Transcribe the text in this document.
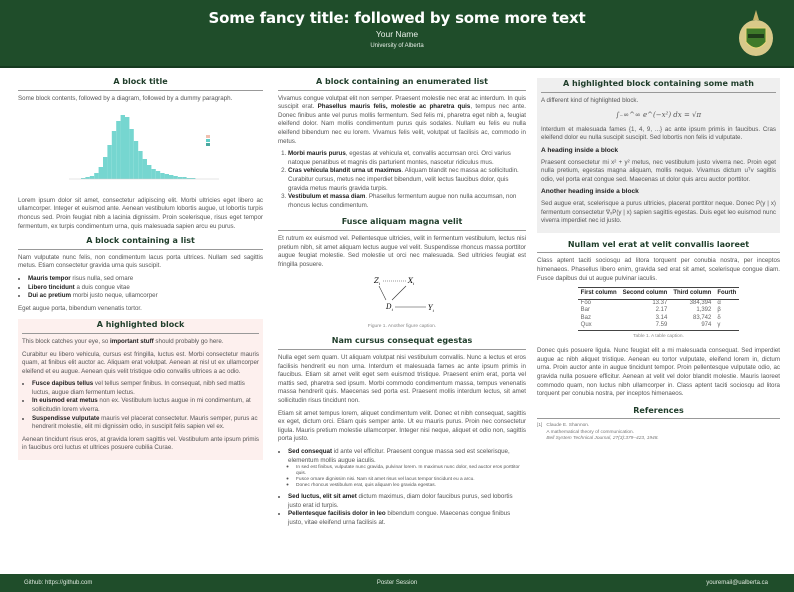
Some fancy title: followed by some more text
Your Name
University of Alberta
A block title

Some block contents, followed by a diagram, followed by a dummy paragraph.

Lorem ipsum dolor sit amet, consectetur adipiscing elit. Morbi ultricies eget libero ac ullamcorper. Integer et euismod ante. Aenean vestibulum lobortis augue, ut lobortis turpis rhoncus sed. Proin feugiat nibh a lacinia dignissim. Proin scelerisque, risus eget tempor fermentum, ex turpis condimentum urna, quis malesuada sapien arcu eu purus.

A block containing a list

Nam vulputate nunc felis, non condimentum lacus porta ultrices. Nullam sed sagittis metus. Etiam consectetur gravida urna quis suscipit.

• Mauris tempor risus nulla, sed ornare
• Libero tincidunt a duis congue vitae
• Dui ac pretium morbi justo neque, ullamcorper

Eget augue porta, bibendum venenatis tortor.

A highlighted block

This block catches your eye, so important stuff should probably go here.

Curabitur eu libero vehicula, cursus est fringilla, luctus est. Morbi consectetur mauris quam, at finibus elit auctor ac. Aliquam erat volutpat. Aenean at nisl ut ex ullamcorper eleifend et eu augue. Aenean quis velit tristique odio convallis ultrices a ac odio.

• Fusce dapibus tellus vel tellus semper finibus. In consequat, nibh sed mattis luctus, augue diam fermentum lectus.
• In euismod erat metus non ex. Vestibulum luctus augue in mi condimentum, at sollicitudin lorem viverra.
• Suspendisse vulputate mauris vel placerat consectetur. Mauris semper, purus ac hendrerit molestie, elit mi dignissim odio, in suscipit felis sapien vel ex.

Aenean tincidunt risus eros, at gravida lorem sagittis vel. Vestibulum ante ipsum primis in faucibus orci luctus et ultrices posuere cubilia Curae.

A block containing an enumerated list

Vivamus congue volutpat elit non semper. Praesent molestie nec erat ac interdum. In quis suscipit erat. Phasellus mauris felis, molestie ac pharetra quis, tempus nec ante. Donec finibus ante vel purus mollis fermentum. Sed felis mi, pharetra eget nibh a, feugiat eleifend dolor. Nam mollis condimentum purus quis sodales. Nullam eu felis eu nulla eleifend bibendum nec eu lorem. Vivamus felis velit, volutpat ut facilisis ac, commodo in metus.

1. Morbi mauris purus, egestas at vehicula et, convallis accumsan orci. Orci varius natoque penatibus et magnis dis parturient montes, nascetur ridiculus mus.
2. Cras vehicula blandit urna ut maximus. Aliquam blandit nec massa ac sollicitudin. Curabitur cursus, metus nec imperdiet bibendum, velit lectus faucibus dolor, quis gravida metus mauris gravida turpis.
3. Vestibulum et massa diam. Phasellus fermentum augue non nulla accumsan, non rhoncus lectus condimentum.
Fusce aliquam magna velit

Et rutrum ex euismod vel. Pellentesque ultricies, velit in fermentum vestibulum, lectus nisi pretium nibh, sit amet aliquam lectus augue vel velit. Suspendisse rhoncus massa porttitor augue feugiat molestie. Sed molestie ut orci nec malesuada. Sed ultricies feugiat est fringilla posuere.

$Z_i$	$X_i$
$D_i$	$Y_i$
Figure 1. Another figure caption.
Nam cursus consequat egestas

Nulla eget sem quam. Ut aliquam volutpat nisi vestibulum convallis. Nunc a lectus et eros facilisis hendrerit eu non urna. Interdum et malesuada fames ac ante ipsum primis in faucibus. Etiam sit amet velit eget sem euismod tristique. Praesent enim erat, porta vel mattis sed, pharetra sed ipsum. Morbi commodo condimentum massa, tempus venenatis massa hendrerit quis. Maecenas sed porta est. Praesent mollis interdum lectus, sit amet sollicitudin risus tincidunt non.

Etiam sit amet tempus lorem, aliquet condimentum velit. Donec et nibh consequat, sagittis ex eget, dictum orci. Etiam quis semper ante. Ut eu mauris purus. Proin nec consectetur ligula. Mauris pretium molestie ullamcorper. Integer nisi neque, aliquet et odio non, sagittis porta justo.

• Sed consequat id ante vel efficitur. Praesent congue massa sed est scelerisque, elementum mollis augue iaculis.
◦ In sed est finibus, vulputate nunc gravida, pulvinar lorem. In maximus nunc dolor, sed auctor eros porttitor quis.
◦ Fusce ornare dignissim nisi. Nam sit amet risus vel lacus tempor tincidunt eu a arcu.
◦ Donec rhoncus vestibulum erat, quis aliquam leo gravida egestas.
• Sed luctus, elit sit amet dictum maximus, diam dolor faucibus purus, sed lobortis justo erat id turpis.
• Pellentesque facilisis dolor in leo bibendum congue. Maecenas congue finibus justo, vitae eleifend urna facilisis at.
A highlighted block containing some math

A different kind of highlighted block.

∫₋∞^∞ e^(−x²) dx = √π

Interdum et malesuada fames {1, 4, 9, ...} ac ante ipsum primis in faucibus. Cras eleifend dolor eu nulla suscipit suscipit. Sed lobortis non felis id vulputate.

A heading inside a block

Praesent consectetur mi x² + y² metus, nec vestibulum justo viverra nec. Proin eget nulla pretium, egestas magna aliquam, mollis neque. Vivamus dictum uᵀv sagittis odio, vel porta erat congue sed. Maecenas ut dolor quis arcu auctor porttitor.

Another heading inside a block

Sed augue erat, scelerisque a purus ultricies, placerat porttitor neque. Donec P(y | x) fermentum consectetur ∇ₓP(y | x) sapien sagittis egestas. Duis eget leo euismod nunc viverra imperdiet nec id justo.

Nullam vel erat at velit convallis laoreet

Class aptent taciti sociosqu ad litora torquent per conubia nostra, per inceptos himenaeos. Phasellus libero enim, gravida sed erat sit amet, scelerisque congue diam. Fusce dapibus dui ut augue pulvinar iaculis.

First column	Second column	Third column	Fourth
Foo	13.37	384,394	α
Bar	2.17	1,392	β
Baz	3.14	83,742	δ
Qux	7.59	974	γ
Table 1. A table caption.

Donec quis posuere ligula. Nunc feugiat elit a mi malesuada consequat. Sed imperdiet augue ac nibh aliquet tristique. Aenean eu tortor vulputate, eleifend lorem in, dictum urna. Proin auctor ante in augue tincidunt tempor. Proin pellentesque vulputate odio, ac gravida nulla posuere efficitur. Aenean at velit vel dolor blandit molestie. Mauris laoreet commodo quam, non luctus nibh ullamcorper in. Class aptent taciti sociosqu ad litora torquent per conubia nostra, per inceptos himenaeos.

References
[1] Claude E. Shannon.
A mathematical theory of communication.
Bell System Technical Journal, 27(3):379–423, 1948.
Github: https://github.com	Poster Session	youremail@ualberta.ca
